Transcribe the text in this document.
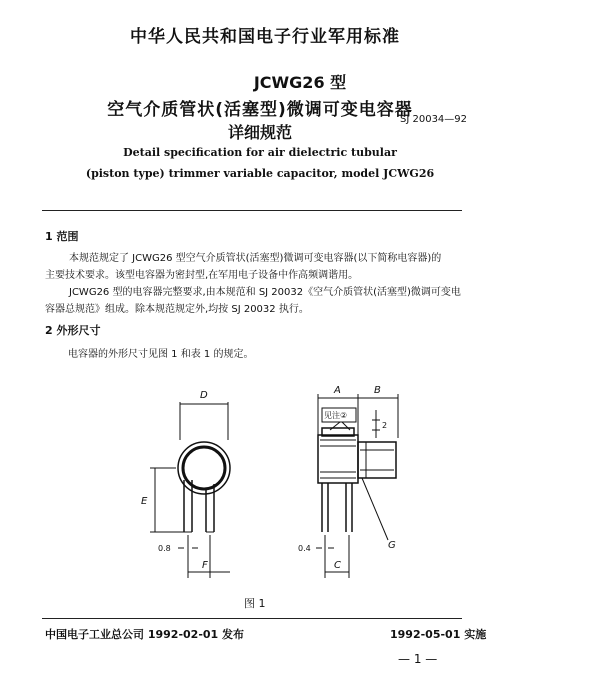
中华人民共和国电子行业军用标准
JCWG26 型
空气介质管状(活塞型)微调可变电容器
详细规范
SJ 20034—92
Detail specification for air dielectric tubular
(piston type) trimmer variable capacitor, model JCWG26
1 范围
本规范规定了 JCWG26 型空气介质管状(活塞型)微调可变电容器(以下简称电容器)的
主要技术要求。该型电容器为密封型,在军用电子设备中作高频调谐用。
JCWG26 型的电容器完整要求,由本规范和 SJ 20032《空气介质管状(活塞型)微调可变电
容器总规范》组成。除本规范规定外,均按 SJ 20032 执行。
2 外形尺寸
电容器的外形尺寸见图 1 和表 1 的规定。
D
E
F
A	B
C
G
0.8	0.4
2
见注②
图 1
中国电子工业总公司 1992-02-01 发布	1992-05-01 实施
— 1 —
